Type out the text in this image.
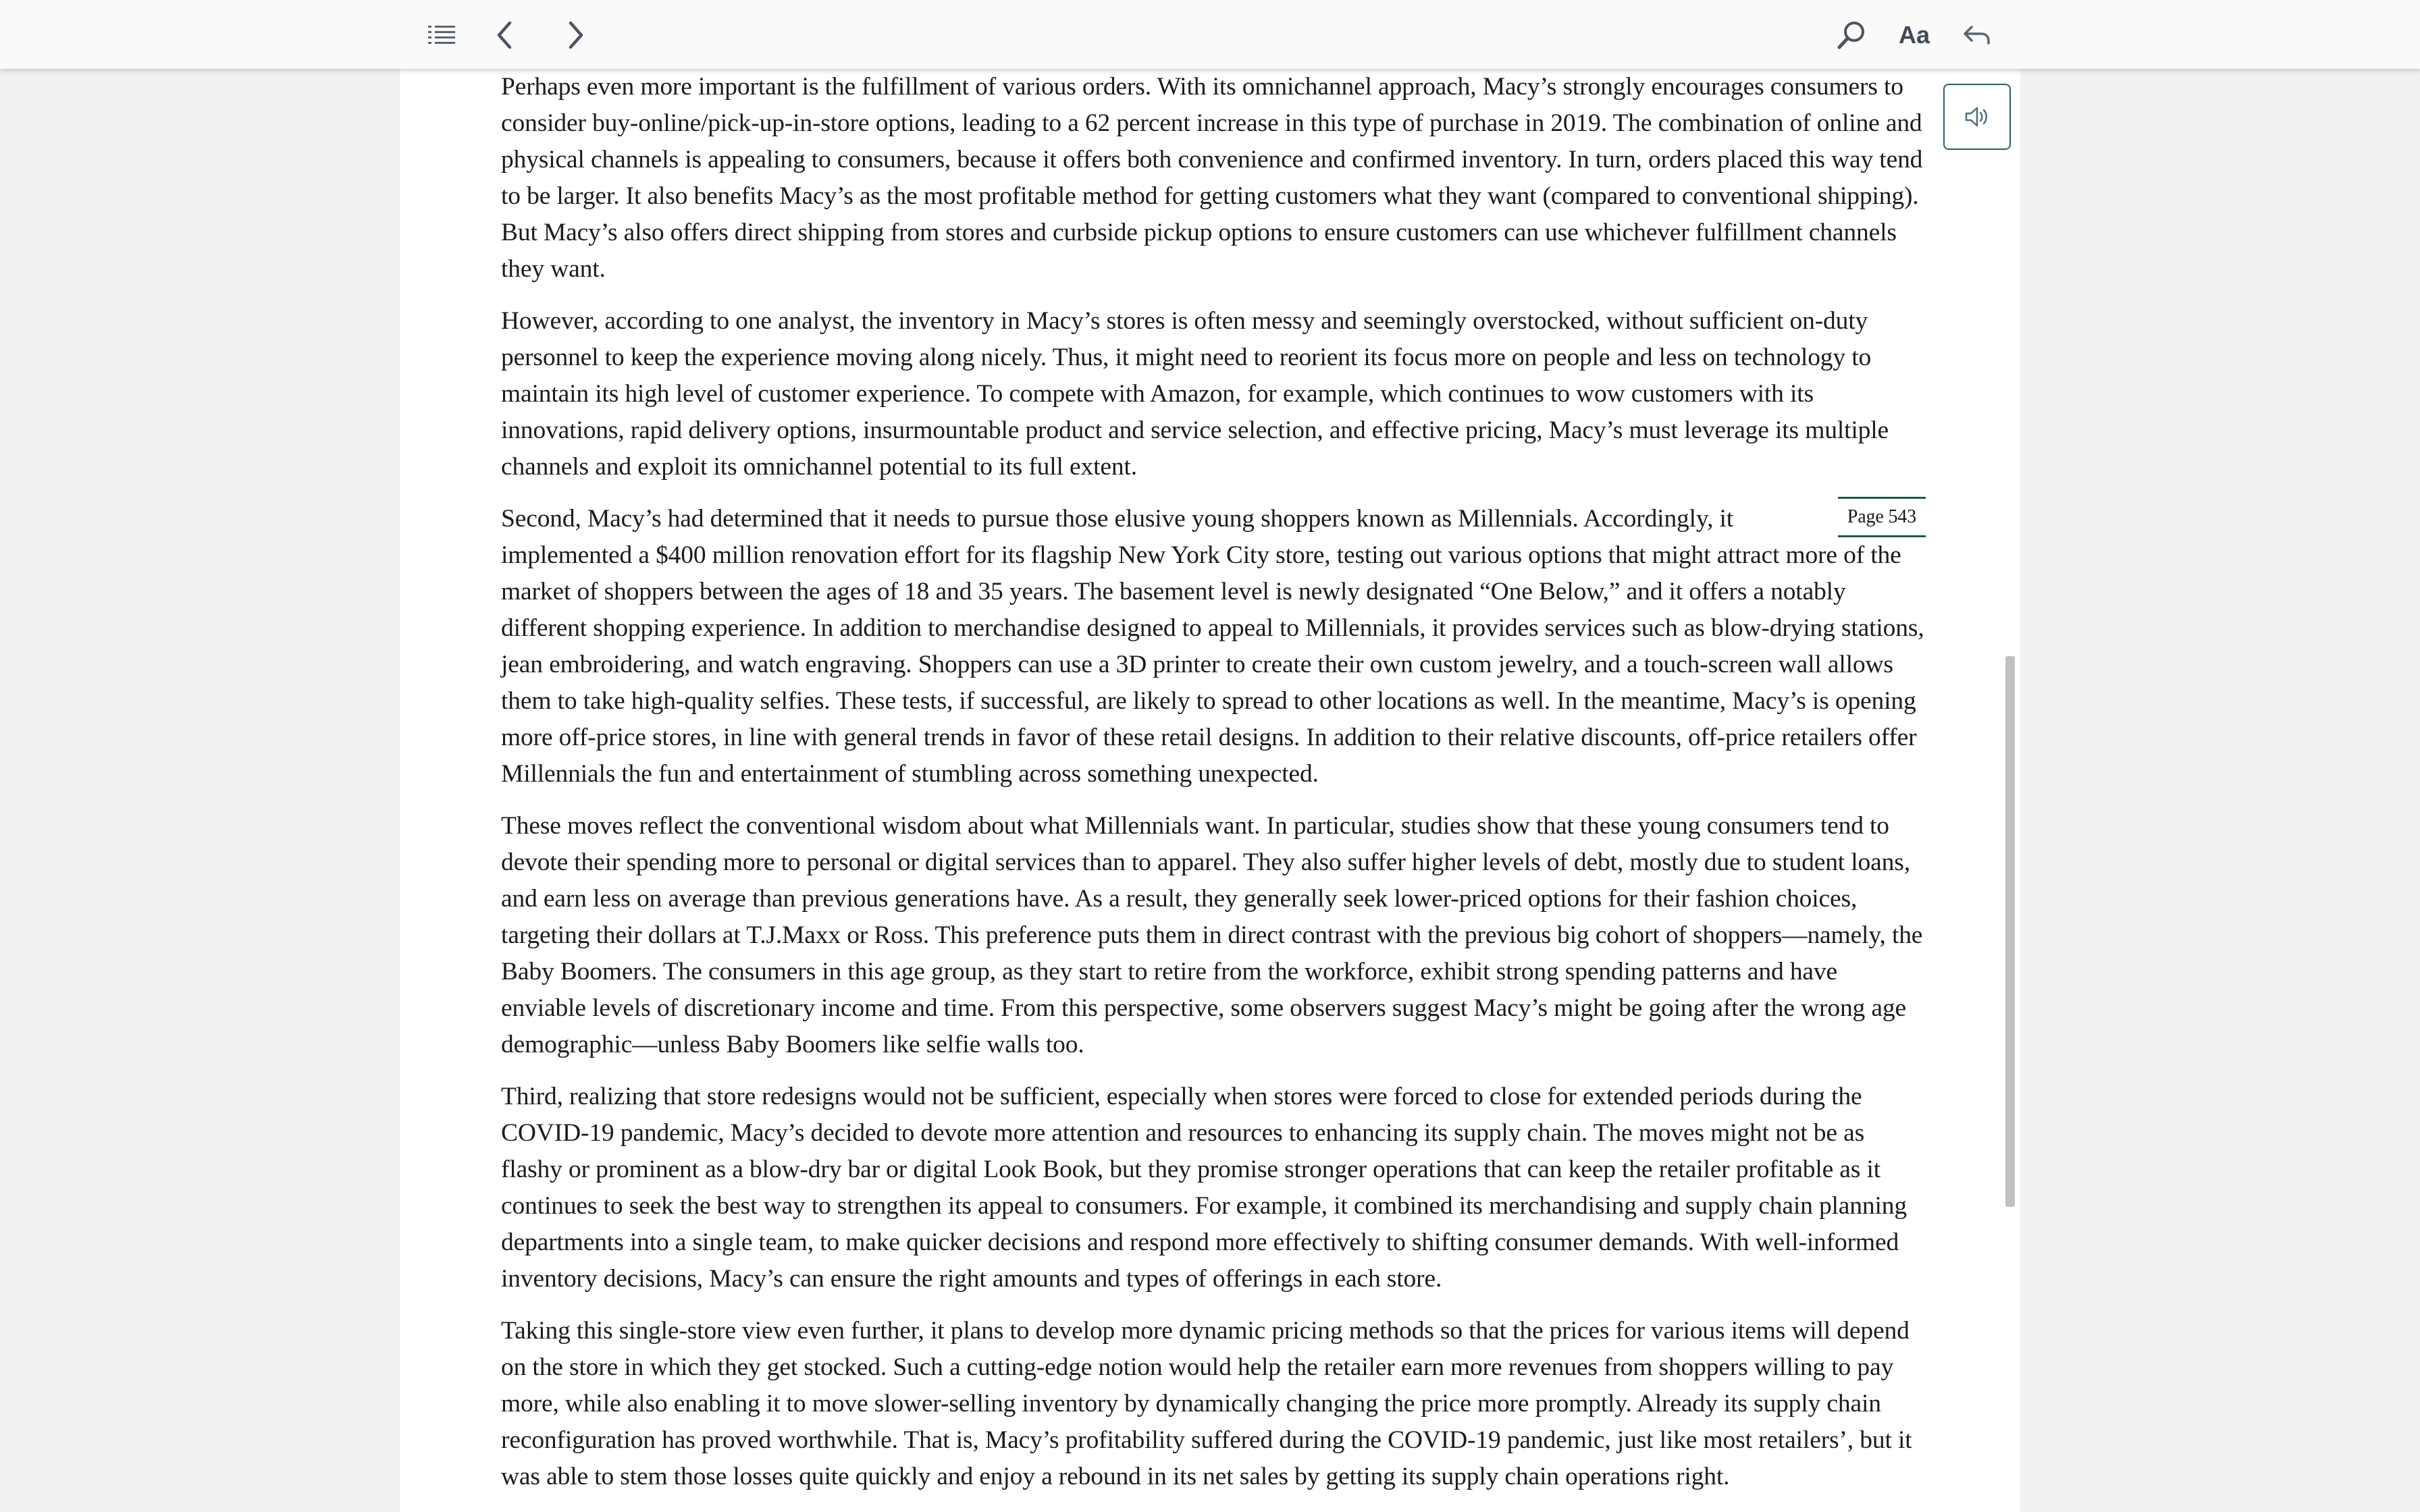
Aa

Perhaps even more important is the fulfillment of various orders. With its omnichannel approach, Macy’s strongly encourages consumers to consider buy-online/pick-up-in-store options, leading to a 62 percent increase in this type of purchase in 2019. The combination of online and physical channels is appealing to consumers, because it offers both convenience and confirmed inventory. In turn, orders placed this way tend to be larger. It also benefits Macy’s as the most profitable method for getting customers what they want (compared to conventional shipping). But Macy’s also offers direct shipping from stores and curbside pickup options to ensure customers can use whichever fulfillment channels they want.

However, according to one analyst, the inventory in Macy’s stores is often messy and seemingly overstocked, without sufficient on-duty personnel to keep the experience moving along nicely. Thus, it might need to reorient its focus more on people and less on technology to maintain its high level of customer experience. To compete with Amazon, for example, which continues to wow customers with its innovations, rapid delivery options, insurmountable product and service selection, and effective pricing, Macy’s must leverage its multiple channels and exploit its omnichannel potential to its full extent.

Page 543
Second, Macy’s had determined that it needs to pursue those elusive young shoppers known as Millennials. Accordingly, it implemented a $400 million renovation effort for its flagship New York City store, testing out various options that might attract more of the market of shoppers between the ages of 18 and 35 years. The basement level is newly designated “One Below,” and it offers a notably different shopping experience. In addition to merchandise designed to appeal to Millennials, it provides services such as blow-drying stations, jean embroidering, and watch engraving. Shoppers can use a 3D printer to create their own custom jewelry, and a touch-screen wall allows them to take high-quality selfies. These tests, if successful, are likely to spread to other locations as well. In the meantime, Macy’s is opening more off-price stores, in line with general trends in favor of these retail designs. In addition to their relative discounts, off-price retailers offer Millennials the fun and entertainment of stumbling across something unexpected.

These moves reflect the conventional wisdom about what Millennials want. In particular, studies show that these young consumers tend to devote their spending more to personal or digital services than to apparel. They also suffer higher levels of debt, mostly due to student loans, and earn less on average than previous generations have. As a result, they generally seek lower-priced options for their fashion choices, targeting their dollars at T.J.Maxx or Ross. This preference puts them in direct contrast with the previous big cohort of shoppers—namely, the Baby Boomers. The consumers in this age group, as they start to retire from the workforce, exhibit strong spending patterns and have enviable levels of discretionary income and time. From this perspective, some observers suggest Macy’s might be going after the wrong age demographic—unless Baby Boomers like selfie walls too.

Third, realizing that store redesigns would not be sufficient, especially when stores were forced to close for extended periods during the COVID-19 pandemic, Macy’s decided to devote more attention and resources to enhancing its supply chain. The moves might not be as flashy or prominent as a blow-dry bar or digital Look Book, but they promise stronger operations that can keep the retailer profitable as it continues to seek the best way to strengthen its appeal to consumers. For example, it combined its merchandising and supply chain planning departments into a single team, to make quicker decisions and respond more effectively to shifting consumer demands. With well-informed inventory decisions, Macy’s can ensure the right amounts and types of offerings in each store.

Taking this single-store view even further, it plans to develop more dynamic pricing methods so that the prices for various items will depend on the store in which they get stocked. Such a cutting-edge notion would help the retailer earn more revenues from shoppers willing to pay more, while also enabling it to move slower-selling inventory by dynamically changing the price more promptly. Already its supply chain reconfiguration has proved worthwhile. That is, Macy’s profitability suffered during the COVID-19 pandemic, just like most retailers’, but it was able to stem those losses quite quickly and enjoy a rebound in its net sales by getting its supply chain operations right.
